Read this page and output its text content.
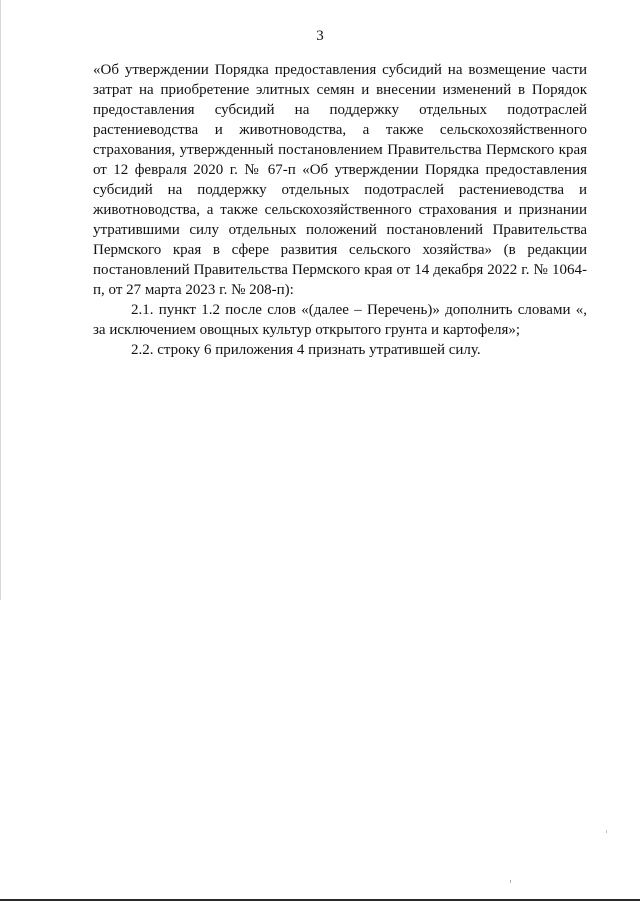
3

«Об утверждении Порядка предоставления субсидий на возмещение части затрат на приобретение элитных семян и внесении изменений в Порядок предоставления субсидий на поддержку отдельных подотраслей растениеводства и животноводства, а также сельскохозяйственного страхования, утвержденный постановлением Правительства Пермского края от 12 февраля 2020 г. № 67-п «Об утверждении Порядка предоставления субсидий на поддержку отдельных подотраслей растениеводства и животноводства, а также сельскохозяйственного страхования и признании утратившими силу отдельных положений постановлений Правительства Пермского края в сфере развития сельского хозяйства» (в редакции постановлений Правительства Пермского края от 14 декабря 2022 г. № 1064-п, от 27 марта 2023 г. № 208-п):

2.1. пункт 1.2 после слов «(далее – Перечень)» дополнить словами «, за исключением овощных культур открытого грунта и картофеля»;

2.2. строку 6 приложения 4 признать утратившей силу.
